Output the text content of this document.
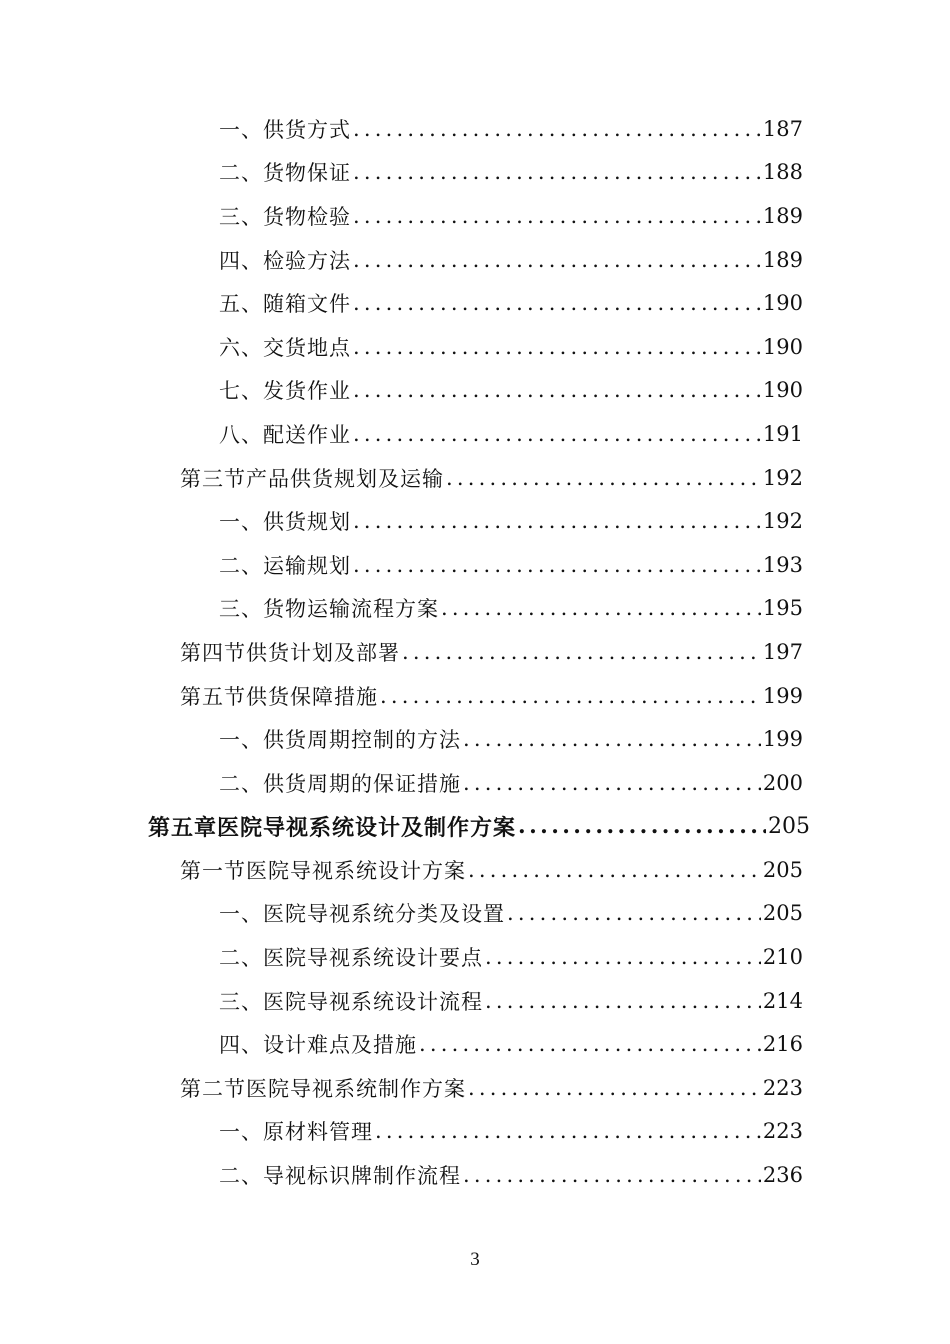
一、供货方式 .....	187
二、货物保证 .....	188
三、货物检验 .....	189
四、检验方法 .....	189
五、随箱文件 .....	190
六、交货地点 .....	190
七、发货作业 .....	190
八、配送作业 .....	191
第三节产品供货规划及运输 .....	192
一、供货规划 .....	192
二、运输规划 .....	193
三、货物运输流程方案 .....	195
第四节供货计划及部署 .....	197
第五节供货保障措施 .....	199
一、供货周期控制的方法 .....	199
二、供货周期的保证措施 .....	200
第五章医院导视系统设计及制作方案 .....	205
第一节医院导视系统设计方案 .....	205
一、医院导视系统分类及设置 .....	205
二、医院导视系统设计要点 .....	210
三、医院导视系统设计流程 .....	214
四、设计难点及措施 .....	216
第二节医院导视系统制作方案 .....	223
一、原材料管理 .....	223
二、导视标识牌制作流程 .....	236
3
